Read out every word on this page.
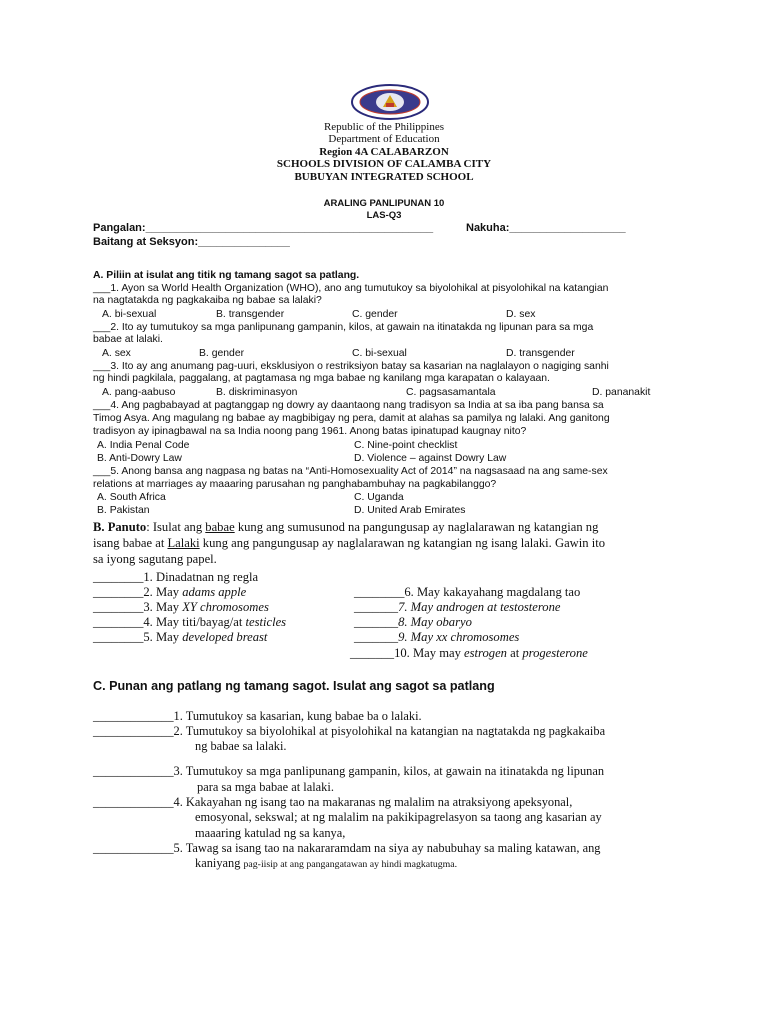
Republic of the Philippines
Department of Education
Region 4A CALABARZON
SCHOOLS DIVISION OF CALAMBA CITY
BUBUYAN INTEGRATED SCHOOL
ARALING PANLIPUNAN 10
LAS-Q3
Pangalan:_______________________________________________	Nakuha:___________________
Baitang at Seksyon:_______________
A. Piliin at isulat ang titik ng tamang sagot sa patlang.
___1. Ayon sa World Health Organization (WHO), ano ang tumutukoy sa biyolohikal at pisyolohikal na katangian
na nagtatakda ng pagkakaiba ng babae sa lalaki?
A. bi-sexual	B. transgender	C. gender	D. sex
___2. Ito ay tumutukoy sa mga panlipunang gampanin, kilos, at gawain na itinatakda ng lipunan para sa mga
babae at lalaki.
A. sex	B. gender	C. bi-sexual	D. transgender
___3. Ito ay ang anumang pag-uuri, eksklusiyon o restriksiyon batay sa kasarian na naglalayon o nagiging sanhi
ng hindi pagkilala, paggalang, at pagtamasa ng mga babae ng kanilang mga karapatan o kalayaan.
A. pang-aabuso	B. diskriminasyon	C. pagsasamantala	D. pananakit
___4. Ang pagbabayad at pagtanggap ng dowry ay daantaong nang tradisyon sa India at sa iba pang bansa sa
Timog Asya. Ang magulang ng babae ay magbibigay ng pera, damit at alahas sa pamilya ng lalaki. Ang ganitong
tradisyon ay ipinagbawal na sa India noong pang 1961. Anong batas ipinatupad kaugnay nito?
A. India Penal Code	C. Nine-point checklist
B. Anti-Dowry Law	D. Violence – against Dowry Law
___5. Anong bansa ang nagpasa ng batas na “Anti-Homosexuality Act of 2014” na nagsasaad na ang same-sex
relations at marriages ay maaaring parusahan ng panghabambuhay na pagkabilanggo?
A. South Africa	C. Uganda
B. Pakistan	D. United Arab Emirates
B. Panuto: Isulat ang babae kung ang sumusunod na pangungusap ay naglalarawan ng katangian ng
isang babae at Lalaki kung ang pangungusap ay naglalarawan ng katangian ng isang lalaki. Gawin ito
sa iyong sagutang papel.
________1. Dinadatnan ng regla
________2. May adams apple
________3. May XY chromosomes
________4. May titi/bayag/at testicles
________5. May developed breast
________6. May kakayahang magdalang tao
_______7. May androgen at testosterone
_______8. May obaryo
_______9. May xx chromosomes
_______10. May may estrogen at progesterone
C. Punan ang patlang ng tamang sagot. Isulat ang sagot sa patlang
_____________1. Tumutukoy sa kasarian, kung babae ba o lalaki.
_____________2. Tumutukoy sa biyolohikal at pisyolohikal na katangian na nagtatakda ng pagkakaiba
ng babae sa lalaki.
_____________3. Tumutukoy sa mga panlipunang gampanin, kilos, at gawain na itinatakda ng lipunan
para sa mga babae at lalaki.
_____________4. Kakayahan ng isang tao na makaranas ng malalim na atraksiyong apeksyonal,
emosyonal, sekswal; at ng malalim na pakikipagrelasyon sa taong ang kasarian ay
maaaring katulad ng sa kanya,
_____________5. Tawag sa isang tao na nakararamdam na siya ay nabubuhay sa maling katawan, ang
kaniyang pag-iisip at ang pangangatawan ay hindi magkatugma.
